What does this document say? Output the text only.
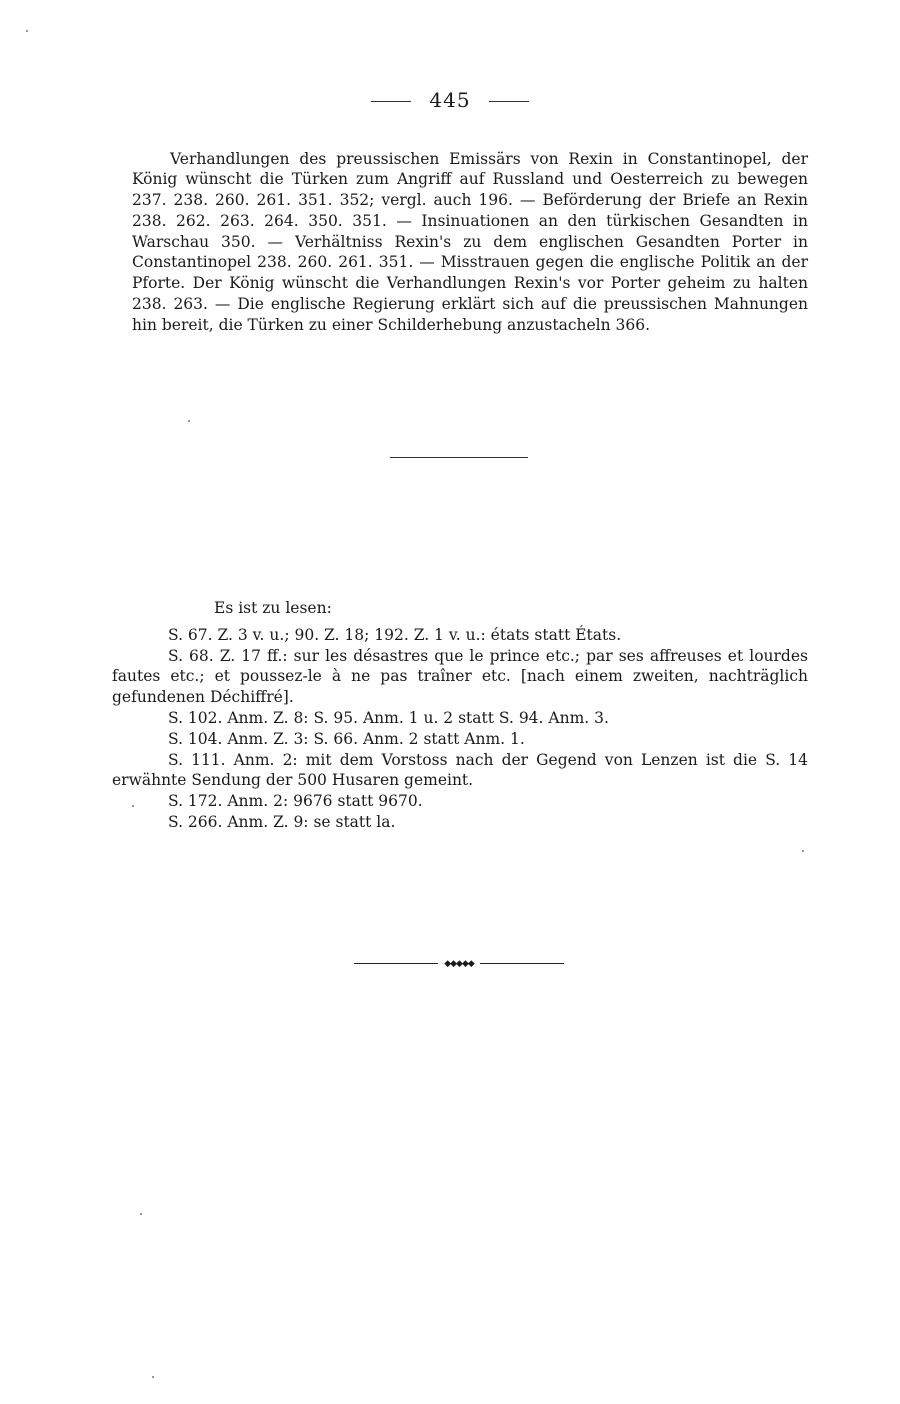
445

Verhandlungen des preussischen Emissärs von Rexin in Constantinopel, der König wünscht die Türken zum Angriff auf Russland und Oesterreich zu bewegen 237. 238. 260. 261. 351. 352; vergl. auch 196. — Beförderung der Briefe an Rexin 238. 262. 263. 264. 350. 351. — Insinuationen an den türkischen Gesandten in Warschau 350. — Verhältniss Rexin's zu dem englischen Gesandten Porter in Constantinopel 238. 260. 261. 351. — Misstrauen gegen die englische Politik an der Pforte. Der König wünscht die Verhandlungen Rexin's vor Porter geheim zu halten 238. 263. — Die englische Regierung erklärt sich auf die preussischen Mahnungen hin bereit, die Türken zu einer Schilderhebung anzustacheln 366.

Es ist zu lesen:

S. 67. Z. 3 v. u.; 90. Z. 18; 192. Z. 1 v. u.: états statt États.

S. 68. Z. 17 ff.: sur les désastres que le prince etc.; par ses affreuses et lourdes fautes etc.; et poussez-le à ne pas traîner etc. [nach einem zweiten, nachträglich gefundenen Déchiffré].

S. 102. Anm. Z. 8: S. 95. Anm. 1 u. 2 statt S. 94. Anm. 3.

S. 104. Anm. Z. 3: S. 66. Anm. 2 statt Anm. 1.

S. 111. Anm. 2: mit dem Vorstoss nach der Gegend von Lenzen ist die S. 14 erwähnte Sendung der 500 Husaren gemeint.

S. 172. Anm. 2: 9676 statt 9670.

S. 266. Anm. Z. 9: se statt la.

◆◆◆◆◆
